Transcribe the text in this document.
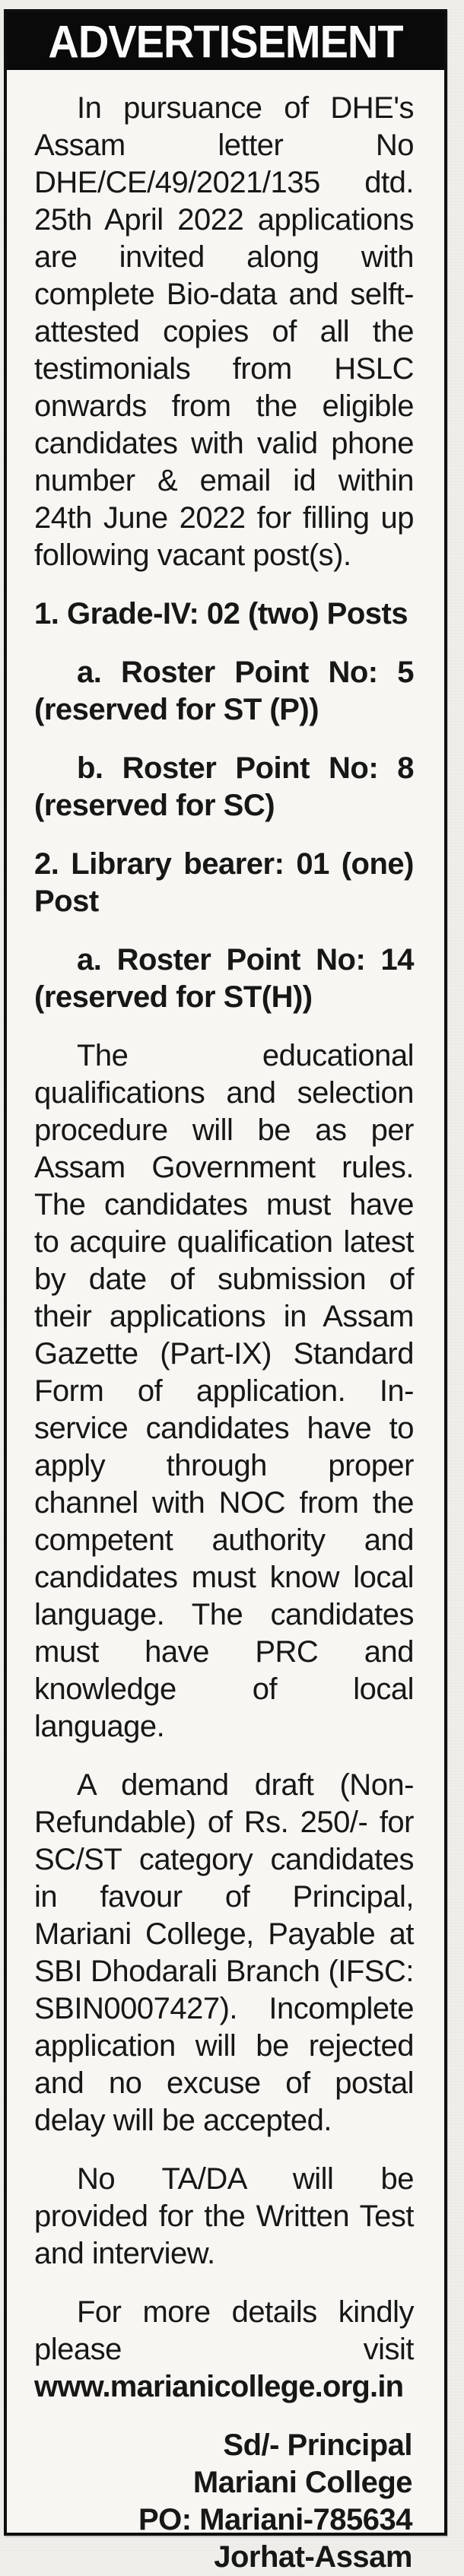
ADVERTISEMENT
In pursuance of DHE's Assam letter No DHE/CE/49/2021/135 dtd. 25th April 2022 applications are invited along with complete Bio-data and selft-attested copies of all the testimonials from HSLC onwards from the eligible candidates with valid phone number & email id within 24th June 2022 for filling up following vacant post(s).
1. Grade-IV: 02 (two) Posts
a. Roster Point No: 5 (reserved for ST (P))
b. Roster Point No: 8 (reserved for SC)
2. Library bearer: 01 (one) Post
a. Roster Point No: 14 (reserved for ST(H))
The educational qualifications and selection procedure will be as per Assam Government rules. The candidates must have to acquire qualification latest by date of submission of their applications in Assam Gazette (Part-IX) Standard Form of application. In-service candidates have to apply through proper channel with NOC from the competent authority and candidates must know local language. The candidates must have PRC and knowledge of local language.
A demand draft (Non-Refundable) of Rs. 250/- for SC/ST category candidates in favour of Principal, Mariani College, Payable at SBI Dhodarali Branch (IFSC: SBIN0007427). Incomplete application will be rejected and no excuse of postal delay will be accepted.
No TA/DA will be provided for the Written Test and interview.
For more details kindly please visit
www.marianicollege.org.in
Sd/- Principal
Mariani College
PO: Mariani-785634
Jorhat-Assam
